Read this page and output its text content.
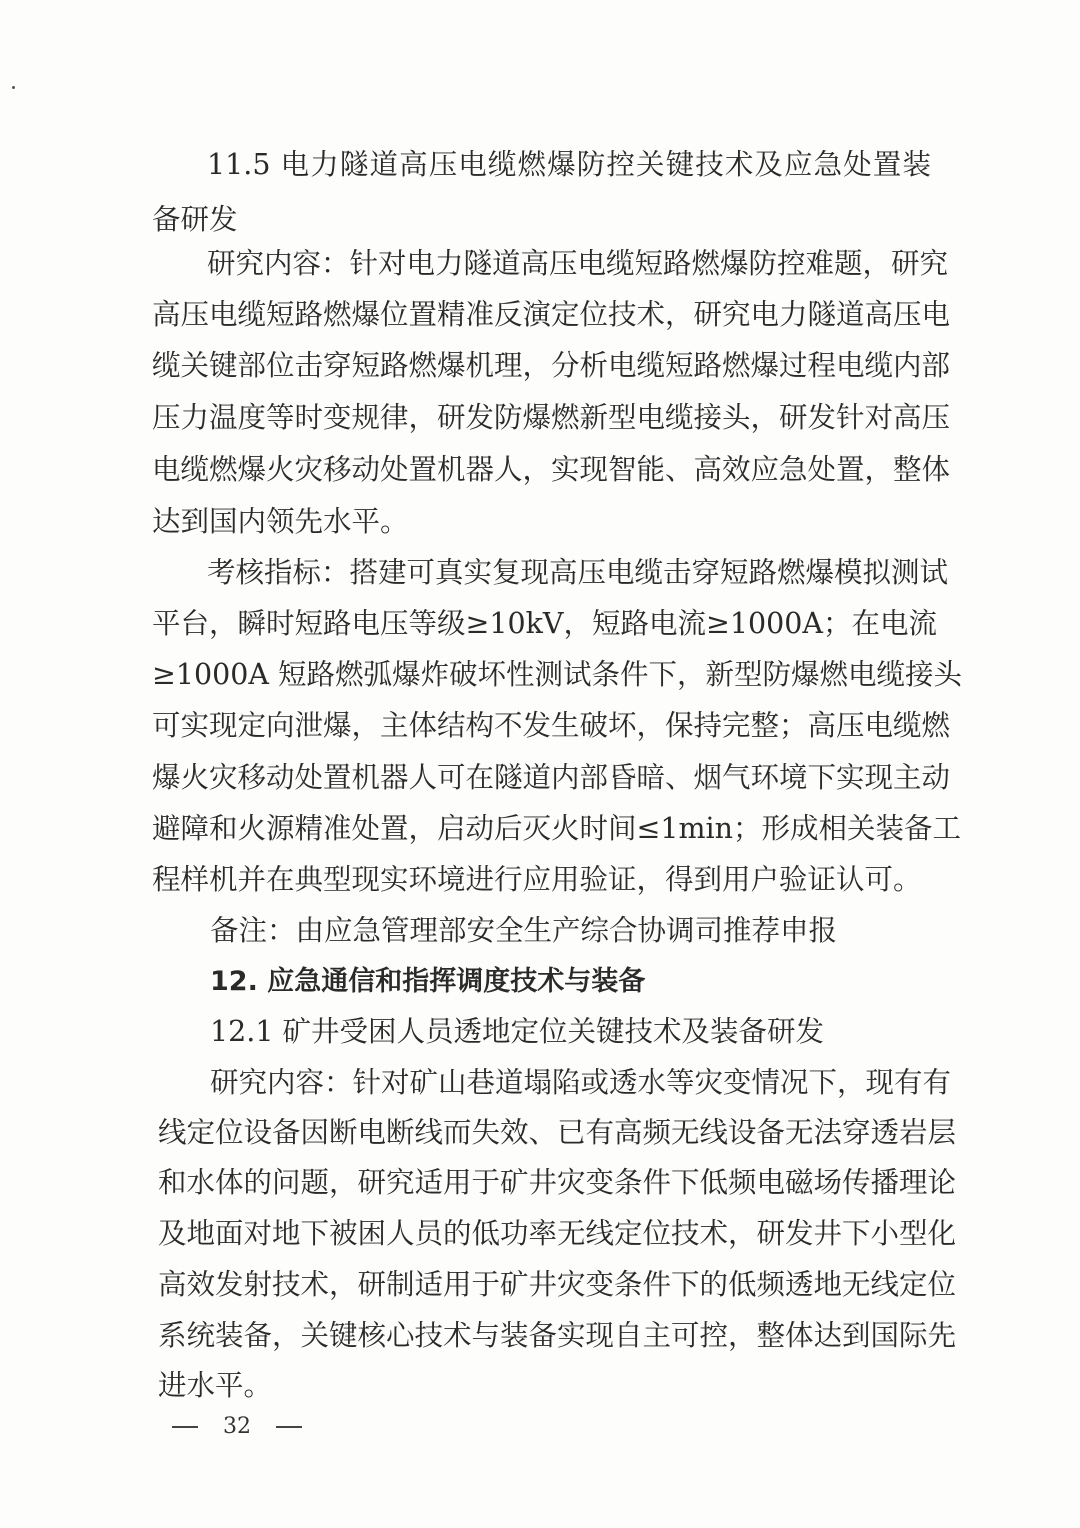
11.5 电力隧道高压电缆燃爆防控关键技术及应急处置装

备研发

研究内容：针对电力隧道高压电缆短路燃爆防控难题，研究

高压电缆短路燃爆位置精准反演定位技术，研究电力隧道高压电

缆关键部位击穿短路燃爆机理，分析电缆短路燃爆过程电缆内部

压力温度等时变规律，研发防爆燃新型电缆接头，研发针对高压

电缆燃爆火灾移动处置机器人，实现智能、高效应急处置，整体

达到国内领先水平。

考核指标：搭建可真实复现高压电缆击穿短路燃爆模拟测试

平台，瞬时短路电压等级≥10kV，短路电流≥1000A；在电流

≥1000A 短路燃弧爆炸破坏性测试条件下，新型防爆燃电缆接头

可实现定向泄爆，主体结构不发生破坏，保持完整；高压电缆燃

爆火灾移动处置机器人可在隧道内部昏暗、烟气环境下实现主动

避障和火源精准处置，启动后灭火时间≤1min；形成相关装备工

程样机并在典型现实环境进行应用验证，得到用户验证认可。

备注：由应急管理部安全生产综合协调司推荐申报

12. 应急通信和指挥调度技术与装备

12.1 矿井受困人员透地定位关键技术及装备研发

研究内容：针对矿山巷道塌陷或透水等灾变情况下，现有有

线定位设备因断电断线而失效、已有高频无线设备无法穿透岩层

和水体的问题，研究适用于矿井灾变条件下低频电磁场传播理论

及地面对地下被困人员的低功率无线定位技术，研发井下小型化

高效发射技术，研制适用于矿井灾变条件下的低频透地无线定位

系统装备，关键核心技术与装备实现自主可控，整体达到国际先

进水平。

32
